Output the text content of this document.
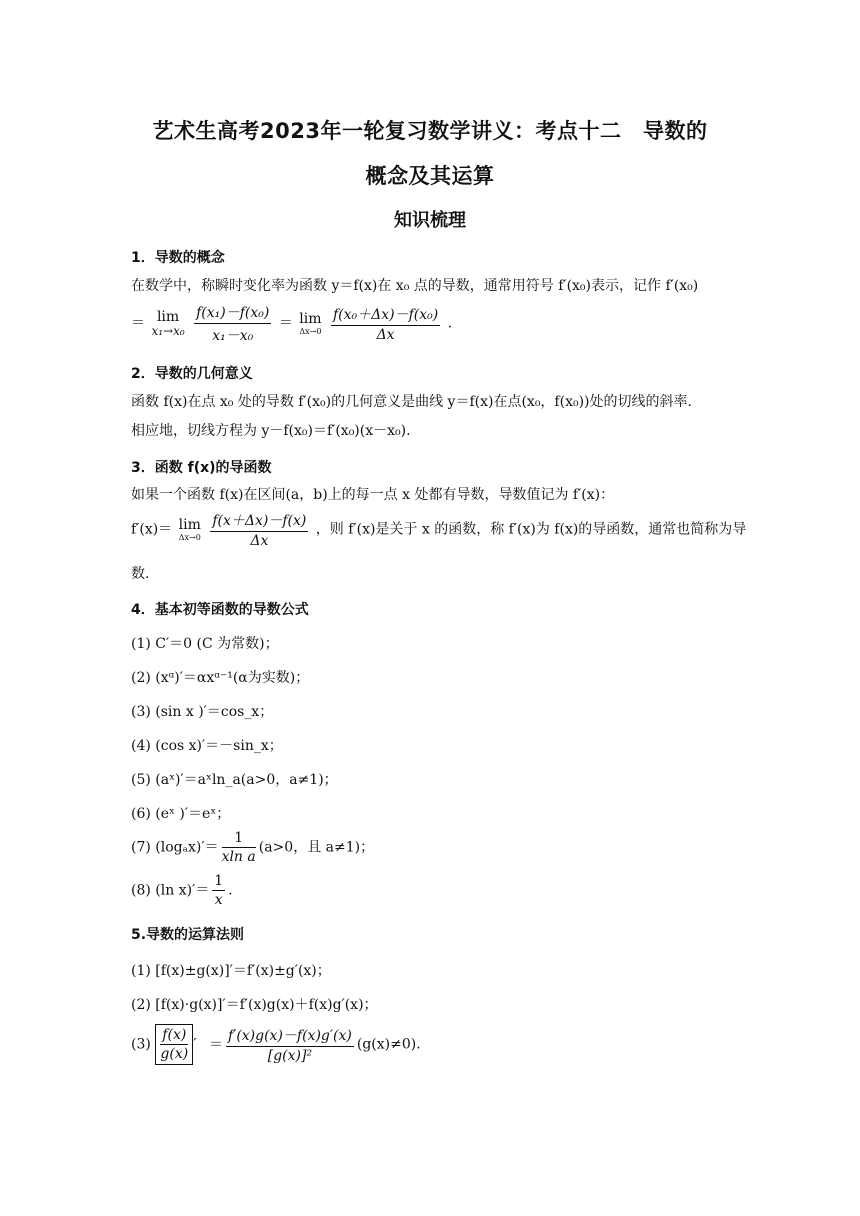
艺术生高考2023年一轮复习数学讲义：考点十二　导数的
概念及其运算
知识梳理
1．导数的概念
在数学中，称瞬时变化率为函数 y＝f(x)在 x₀ 点的导数，通常用符号 f′(x₀)表示，记作 f′(x₀)
＝ lim
x₁→x₀
$\frac{\text{f(x₁)－f(x₀)}}{\text{x₁－x₀}} = \lim$
Δx→0
$\frac{\text{f(x₀＋Δx)－f(x₀)}}{\Delta x}$ .
2．导数的几何意义
函数 f(x)在点 x₀ 处的导数 f′(x₀)的几何意义是曲线 y＝f(x)在点(x₀，f(x₀))处的切线的斜率.
相应地，切线方程为 y－f(x₀)＝f′(x₀)(x－x₀).
3．函数 f(x)的导函数
如果一个函数 f(x)在区间(a，b)上的每一点 x 处都有导数，导数值记为 f′(x)：
f′(x)＝ lim
Δx→0
$\frac{f(x+\Delta x)-f(x)}{\Delta x}$ ，则 f′(x)是关于 x 的函数，称 f′(x)为 f(x)的导函数，通常也简称为导
数.
4．基本初等函数的导数公式
(1) C′＝0 (C 为常数)；
(2) (xᵅ)′＝αxᵅ⁻¹(α为实数)；
(3) (sin x )′＝cos_x；
(4) (cos x)′＝－sin_x；
(5) (aˣ)′＝aˣln_a(a>0，a≠1)；
(6) (eˣ )′＝eˣ；
(7) $(\log_ax)'= \frac{1}{\text{xln a}} (a>0$，且 a≠1)；
(8) (ln $x)'= \frac{1}{x}$ .
5.导数的运算法则
(1) [f(x)±g(x)]′＝f′(x)±g′(x)；
(2) [f(x)·g(x)]′＝f′(x)g(x)＋f(x)g′(x)；
$(3) \frac{f(x)}{g(x)}$ ′ ＝ $\frac{f'(x)g(x)-f(x)g'(x)}{\text{[g(x)]²}} (g(x)\ne 0)$.
